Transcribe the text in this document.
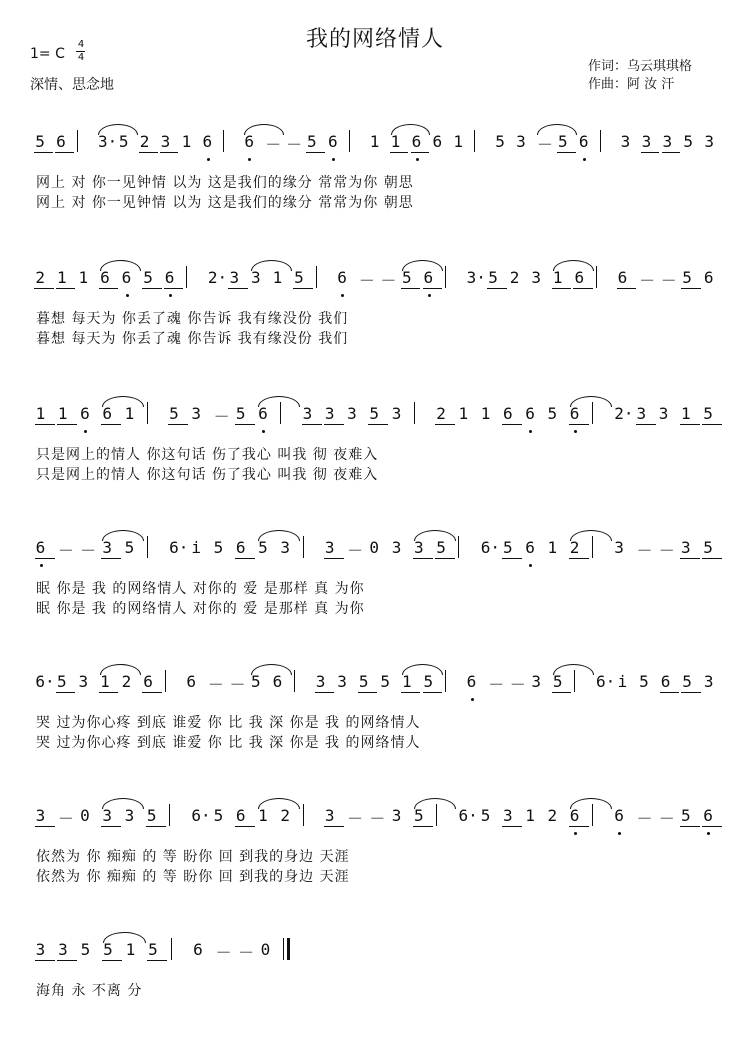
我的网络情人
1= C
4
4
深情、思念地
作词：乌云琪琪格
作曲：阿 汝 汗
5 6 3· 5 2 3 1 6 6 － － 5 6 1 1 6 6 1 5 3 － 5 6 3 3 3 5 3
网上 对 你一见钟情 以为 这是我们的缘分 常常为你 朝思
网上 对 你一见钟情 以为 这是我们的缘分 常常为你 朝思
2 1 1 6 6 5 6 2· 3 3 1 5 6 － － 5 6 3· 5 2 3 1 6 6 － － 5 6
暮想 每天为 你丢了魂 你告诉 我有缘没份 我们
暮想 每天为 你丢了魂 你告诉 我有缘没份 我们
1 1 6 6 1 5 3 － 5 6 3 3 3 5 3 2 1 1 6 6 5 6 2· 3 3 1 5
只是网上的情人 你这句话 伤了我心 叫我 彻 夜难入
只是网上的情人 你这句话 伤了我心 叫我 彻 夜难入
6 － － 3 5 6· i 5 6 5 3 3 － 0 3 3 5 6· 5 6 1 2 3 － － 3 5
眠 你是 我 的网络情人 对你的 爱 是那样 真 为你
眠 你是 我 的网络情人 对你的 爱 是那样 真 为你
6· 5 3 1 2 6 6 － － 5 6 3 3 5 5 1 5 6 － － 3 5 6· i 5 6 5 3
哭 过为你心疼 到底 谁爱 你 比 我 深 你是 我 的网络情人
哭 过为你心疼 到底 谁爱 你 比 我 深 你是 我 的网络情人
3 － 0 3 3 5 6· 5 6 1 2 3 － － 3 5 6· 5 3 1 2 6 6 － － 5 6
依然为 你 痴痴 的 等 盼你 回 到我的身边 天涯
依然为 你 痴痴 的 等 盼你 回 到我的身边 天涯
3 3 5 5 1 5 6 － － 0
海角 永 不离 分
